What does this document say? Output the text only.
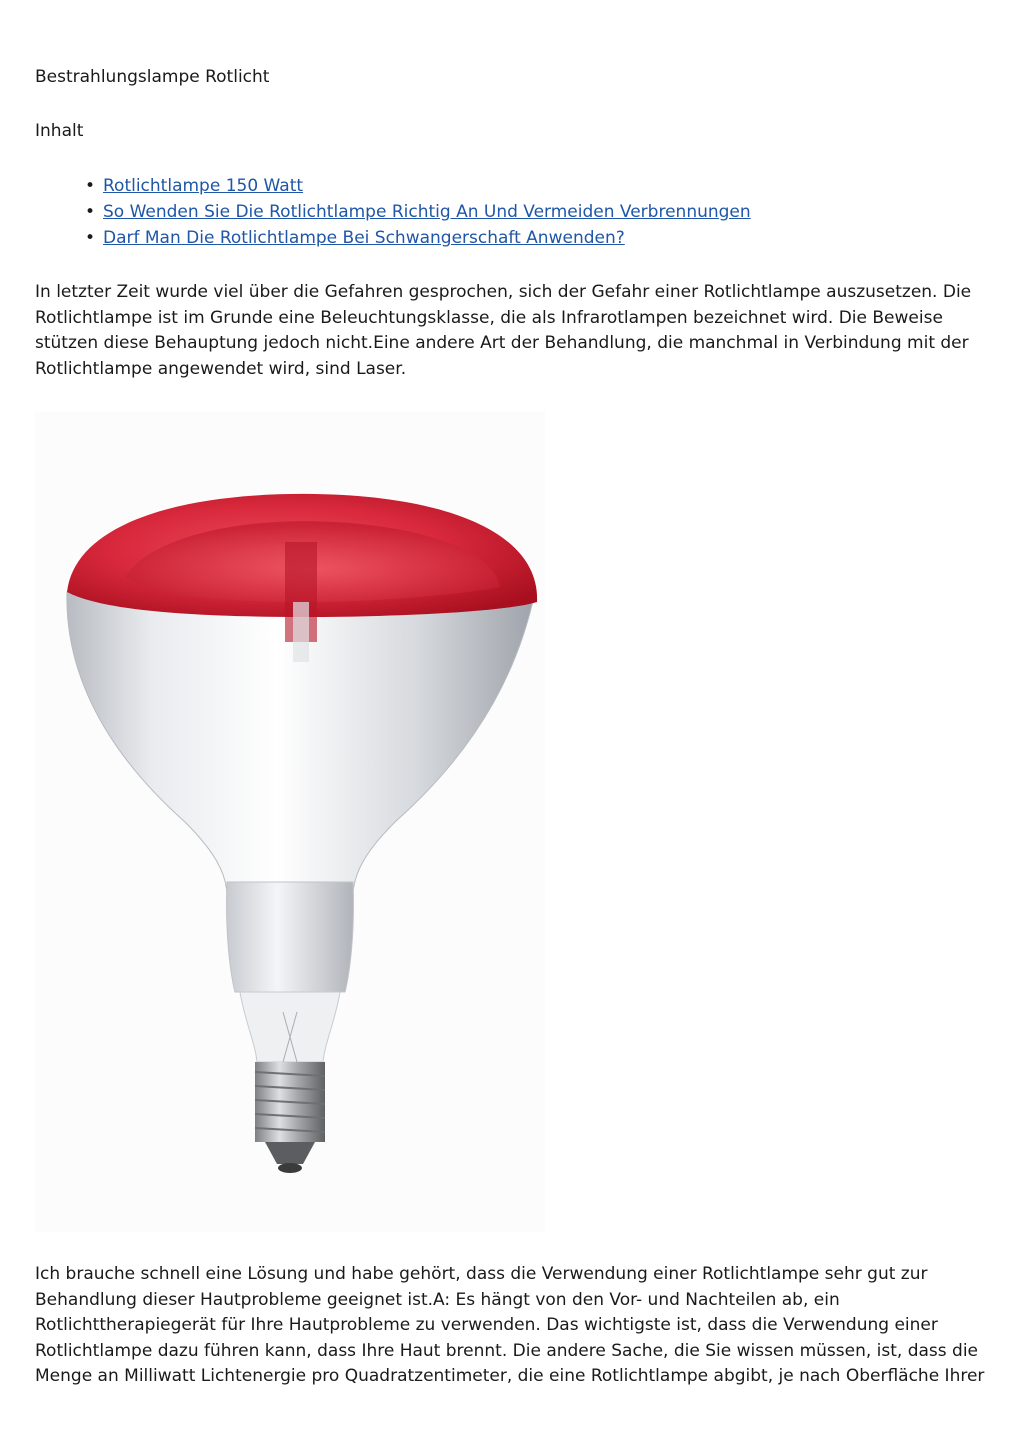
Bestrahlungslampe Rotlicht

Inhalt

• Rotlichtlampe 150 Watt
• So Wenden Sie Die Rotlichtlampe Richtig An Und Vermeiden Verbrennungen
• Darf Man Die Rotlichtlampe Bei Schwangerschaft Anwenden?

In letzter Zeit wurde viel über die Gefahren gesprochen, sich der Gefahr einer Rotlichtlampe auszusetzen. Die Rotlichtlampe ist im Grunde eine Beleuchtungsklasse, die als Infrarotlampen bezeichnet wird. Die Beweise stützen diese Behauptung jedoch nicht.Eine andere Art der Behandlung, die manchmal in Verbindung mit der Rotlichtlampe angewendet wird, sind Laser.

Ich brauche schnell eine Lösung und habe gehört, dass die Verwendung einer Rotlichtlampe sehr gut zur Behandlung dieser Hautprobleme geeignet ist.A: Es hängt von den Vor- und Nachteilen ab, ein Rotlichttherapiegerät für Ihre Hautprobleme zu verwenden. Das wichtigste ist, dass die Verwendung einer Rotlichtlampe dazu führen kann, dass Ihre Haut brennt. Die andere Sache, die Sie wissen müssen, ist, dass die Menge an Milliwatt Lichtenergie pro Quadratzentimeter, die eine Rotlichtlampe abgibt, je nach Oberfläche Ihrer
